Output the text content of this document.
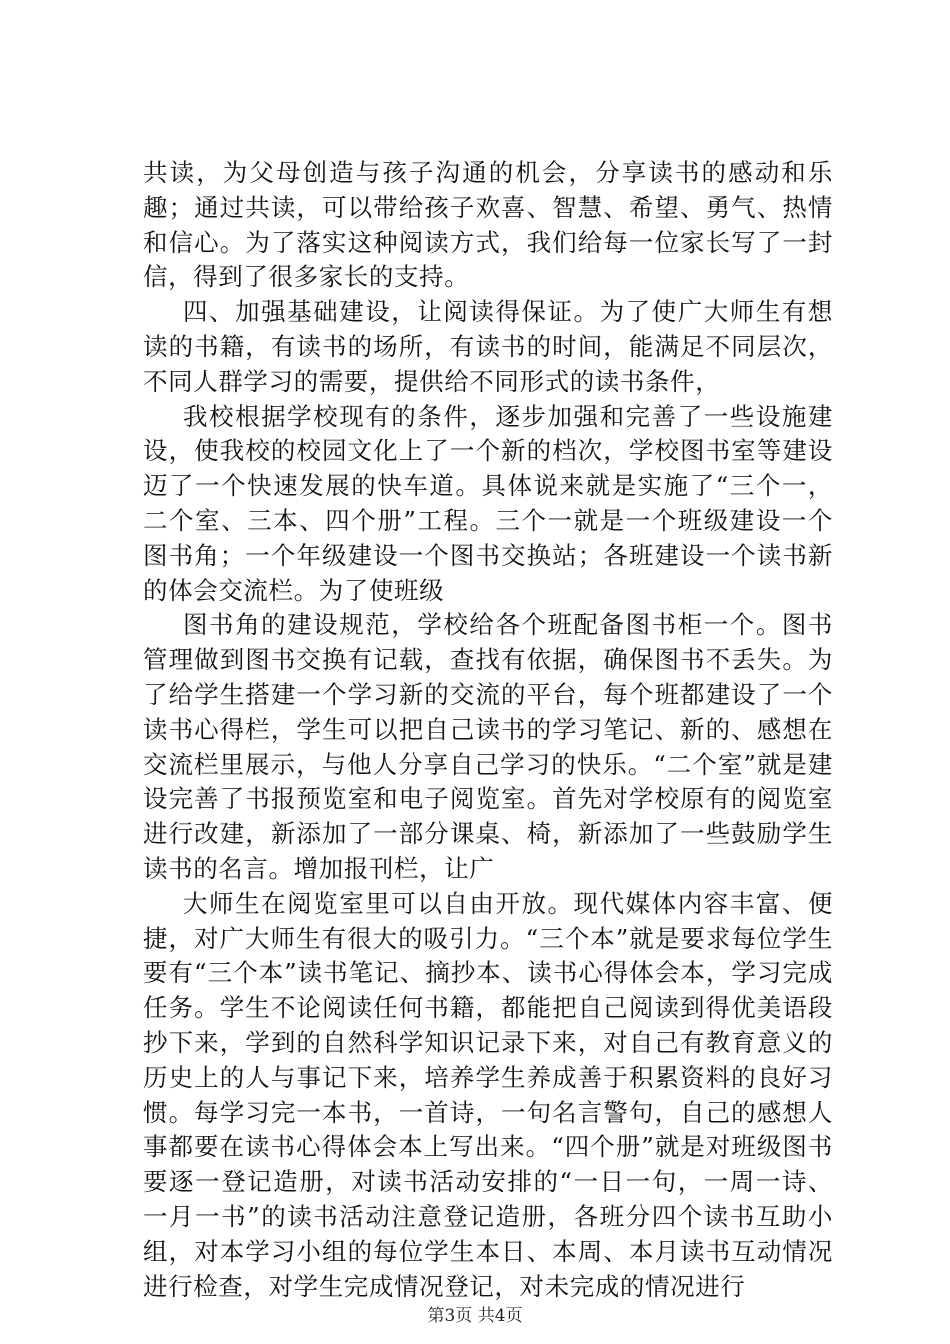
共读，为父母创造与孩子沟通的机会，分享读书的感动和乐趣；通过共读，可以带给孩子欢喜、智慧、希望、勇气、热情和信心。为了落实这种阅读方式，我们给每一位家长写了一封信，得到了很多家长的支持。

四、加强基础建设，让阅读得保证。为了使广大师生有想读的书籍，有读书的场所，有读书的时间，能满足不同层次，不同人群学习的需要，提供给不同形式的读书条件，

我校根据学校现有的条件，逐步加强和完善了一些设施建设，使我校的校园文化上了一个新的档次，学校图书室等建设迈了一个快速发展的快车道。具体说来就是实施了“三个一，二个室、三本、四个册”工程。三个一就是一个班级建设一个图书角；一个年级建设一个图书交换站；各班建设一个读书新的体会交流栏。为了使班级

图书角的建设规范，学校给各个班配备图书柜一个。图书管理做到图书交换有记载，查找有依据，确保图书不丢失。为了给学生搭建一个学习新的交流的平台，每个班都建设了一个读书心得栏，学生可以把自己读书的学习笔记、新的、感想在交流栏里展示，与他人分享自己学习的快乐。“二个室”就是建设完善了书报预览室和电子阅览室。首先对学校原有的阅览室进行改建，新添加了一部分课桌、椅，新添加了一些鼓励学生读书的名言。增加报刊栏，让广

大师生在阅览室里可以自由开放。现代媒体内容丰富、便捷，对广大师生有很大的吸引力。“三个本”就是要求每位学生要有“三个本”读书笔记、摘抄本、读书心得体会本，学习完成任务。学生不论阅读任何书籍，都能把自己阅读到得优美语段抄下来，学到的自然科学知识记录下来，对自己有教育意义的历史上的人与事记下来，培养学生养成善于积累资料的良好习惯。每学习完一本书，一首诗，一句名言警句，自己的感想人事都要在读书心得体会本上写出来。“四个册”就是对班级图书要逐一登记造册，对读书活动安排的“一日一句，一周一诗、一月一书”的读书活动注意登记造册，各班分四个读书互助小组，对本学习小组的每位学生本日、本周、本月读书互动情况进行检查，对学生完成情况登记，对未完成的情况进行

第3页 共4页
